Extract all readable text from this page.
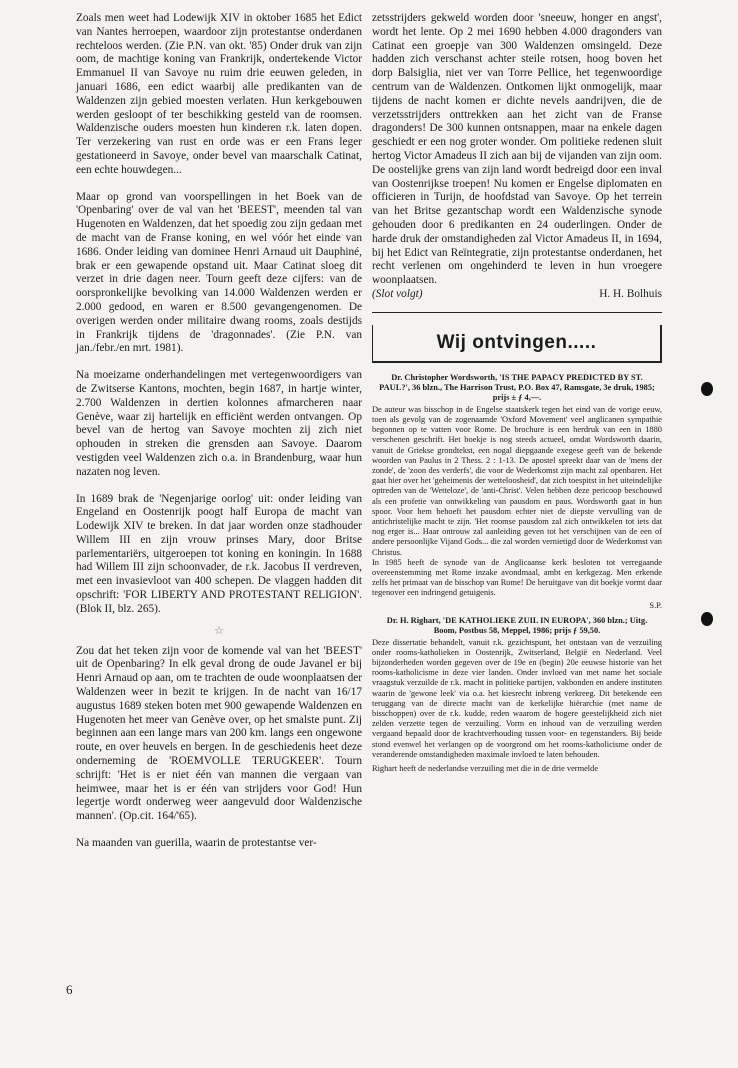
Zoals men weet had Lodewijk XIV in oktober 1685 het Edict van Nantes herroepen, waardoor zijn protestantse onderdanen rechteloos werden. (Zie P.N. van okt. '85) Onder druk van zijn oom, de machtige koning van Frankrijk, ondertekende Victor Emmanuel II van Savoye nu ruim drie eeuwen geleden, in januari 1686, een edict waarbij alle predikanten van de Waldenzen zijn gebied moesten verlaten. Hun kerkgebouwen werden gesloopt of ter beschikking gesteld van de roomsen. Waldenzische ouders moesten hun kinderen r.k. laten dopen. Ter verzekering van rust en orde was er een Frans leger gestationeerd in Savoye, onder bevel van maarschalk Catinat, een echte houwdegen...

Maar op grond van voorspellingen in het Boek van de 'Openbaring' over de val van het 'BEEST', meenden tal van Hugenoten en Waldenzen, dat het spoedig zou zijn gedaan met de macht van de Franse koning, en wel vóór het einde van 1686. Onder leiding van dominee Henri Arnaud uit Dauphiné, brak er een gewapende opstand uit. Maar Catinat sloeg dit verzet in drie dagen neer. Tourn geeft deze cijfers: van de oorspronkelijke bevolking van 14.000 Waldenzen werden er 2.000 gedood, en waren er 8.500 gevangengenomen. De overigen werden onder militaire dwang rooms, zoals destijds in Frankrijk tijdens de 'dragonnades'. (Zie P.N. van jan./febr./en mrt. 1981).

Na moeizame onderhandelingen met vertegenwoordigers van de Zwitserse Kantons, mochten, begin 1687, in hartje winter, 2.700 Waldenzen in dertien kolonnes afmarcheren naar Genève, waar zij hartelijk en efficiënt werden ontvangen. Op bevel van de hertog van Savoye mochten zij zich niet ophouden in streken die grensden aan Savoye. Daarom vestigden veel Waldenzen zich o.a. in Brandenburg, waar hun nazaten nog leven.

In 1689 brak de 'Negenjarige oorlog' uit: onder leiding van Engeland en Oostenrijk poogt half Europa de macht van Lodewijk XIV te breken. In dat jaar worden onze stadhouder Willem III en zijn vrouw prinses Mary, door Britse parlementariërs, uitgeroepen tot koning en koningin. In 1688 had Willem III zijn schoonvader, de r.k. Jacobus II verdreven, met een invasievloot van 400 schepen. De vlaggen hadden dit opschrift: 'FOR LIBERTY AND PROTESTANT RELIGION'. (Blok II, blz. 265).

☆

Zou dat het teken zijn voor de komende val van het 'BEEST' uit de Openbaring? In elk geval drong de oude Javanel er bij Henri Arnaud op aan, om te trachten de oude woonplaatsen der Waldenzen weer in bezit te krijgen. In de nacht van 16/17 augustus 1689 steken boten met 900 gewapende Waldenzen en Hugenoten het meer van Genève over, op het smalste punt. Zij beginnen aan een lange mars van 200 km. langs een ongewone route, en over heuvels en bergen. In de geschiedenis heet deze onderneming de 'ROEMVOLLE TERUGKEER'. Tourn schrijft: 'Het is er niet één van mannen die vergaan van heimwee, maar het is er één van strijders voor God! Hun legertje wordt onderweg weer aangevuld door Waldenzische mannen'. (Op.cit. 164/'65).

Na maanden van guerilla, waarin de protestantse ver-

zetsstrijders gekweld worden door 'sneeuw, honger en angst', wordt het lente. Op 2 mei 1690 hebben 4.000 dragonders van Catinat een groepje van 300 Waldenzen omsingeld. Deze hadden zich verschanst achter steile rotsen, hoog boven het dorp Balsiglia, niet ver van Torre Pellice, het tegenwoordige centrum van de Waldenzen. Ontkomen lijkt onmogelijk, maar tijdens de nacht komen er dichte nevels aandrijven, die de verzetsstrijders onttrekken aan het zicht van de Franse dragonders! De 300 kunnen ontsnappen, maar na enkele dagen geschiedt er een nog groter wonder. Om politieke redenen sluit hertog Victor Amadeus II zich aan bij de vijanden van zijn oom. De oostelijke grens van zijn land wordt bedreigd door een inval van Oostenrijkse troepen! Nu komen er Engelse diplomaten en officieren in Turijn, de hoofdstad van Savoye. Op het terrein van het Britse gezantschap wordt een Waldenzische synode gehouden door 6 predikanten en 24 ouderlingen. Onder de harde druk der omstandigheden zal Victor Amadeus II, in 1694, bij het Edict van Reïntegratie, zijn protestantse onderdanen, het recht verlenen om ongehinderd te leven in hun vroegere woonplaatsen.

(Slot volgt)	H. H. Bolhuis
Wij ontvingen.....
Dr. Christopher Wordsworth, 'IS THE PAPACY PREDICTED BY ST. PAUL?', 36 blzn., The Harrison Trust, P.O. Box 47, Ramsgate, 3e druk, 1985; prijs ± ƒ 4,—.

De auteur was bisschop in de Engelse staatskerk tegen het eind van de vorige eeuw, toen als gevolg van de zogenaamde 'Oxford Movement' veel anglicanen sympathie begonnen op te vatten voor Rome. De brochure is een herdruk van een in 1880 verschenen geschrift. Het boekje is nog steeds actueel, omdat Wordsworth daarin, vanuit de Griekse grondtekst, een nogal diepgaande exegese geeft van de bekende woorden van Paulus in 2 Thess. 2 : 1-13. De apostel spreekt daar van de 'mens der zonde', de 'zoon des verderfs', die voor de Wederkomst zijn macht zal openbaren. Het gaat hier over het 'geheimenis der wetteloosheid', dat zich toespitst in het uiteindelijke optreden van de 'Wetteloze', de 'anti-Christ'. Velen hebben deze pericoop beschouwd als een profetie van ontwikkeling van pausdom en paus. Wordsworth gaat in hun spoor. Voor hem behoeft het pausdom echter niet de diepste vervulling van de antichristelijke macht te zijn. 'Het roomse pausdom zal zich ontwikkelen tot iets dat nog erger is... Haar ontrouw zal aanleiding geven tot het verschijnen van de een of andere persoonlijke Vijand Gods... die zal worden vernietigd door de Wederkomst van Christus.

In 1985 heeft de synode van de Anglicaanse kerk besloten tot verregaande overeenstemming met Rome inzake avondmaal, ambt en kerkgezag. Men erkende zelfs het primaat van de bisschop van Rome! De heruitgave van dit boekje vormt daar tegenover een indringend getuigenis.

S.P.
Dr. H. Righart, 'DE KATHOLIEKE ZUIL IN EUROPA', 360 blzn.; Uitg. Boom, Postbus 58, Meppel, 1986; prijs ƒ 59,50.

Deze dissertatie behandelt, vanuit r.k. gezichtspunt, het ontstaan van de verzuiling onder rooms-katholieken in Oostenrijk, Zwitserland, België en Nederland. Veel bijzonderheden worden gegeven over de 19e en (begin) 20e eeuwse historie van het rooms-katholicisme in deze vier landen. Onder invloed van met name het sociale vraagstuk verzuilde de r.k. macht in politieke partijen, vakbonden en andere instituten waarin de 'gewone leek' via o.a. het kiesrecht inbreng verkreeg. Dit betekende een teruggang van de directe macht van de kerkelijke hiërarchie (met name de bisschoppen) over de r.k. kudde, reden waarom de hogere geestelijkheid zich niet zelden verzette tegen de verzuiling. Vorm en inhoud van de verzuiling werden vergaand bepaald door de krachtverhouding tussen voor- en tegenstanders. Bij beide stond evenwel het verlangen op de voorgrond om het rooms-katholicisme onder de veranderende omstandigheden maximale invloed te laten behouden.

Righart heeft de nederlandse verzuiling met die in de drie vermelde
6
